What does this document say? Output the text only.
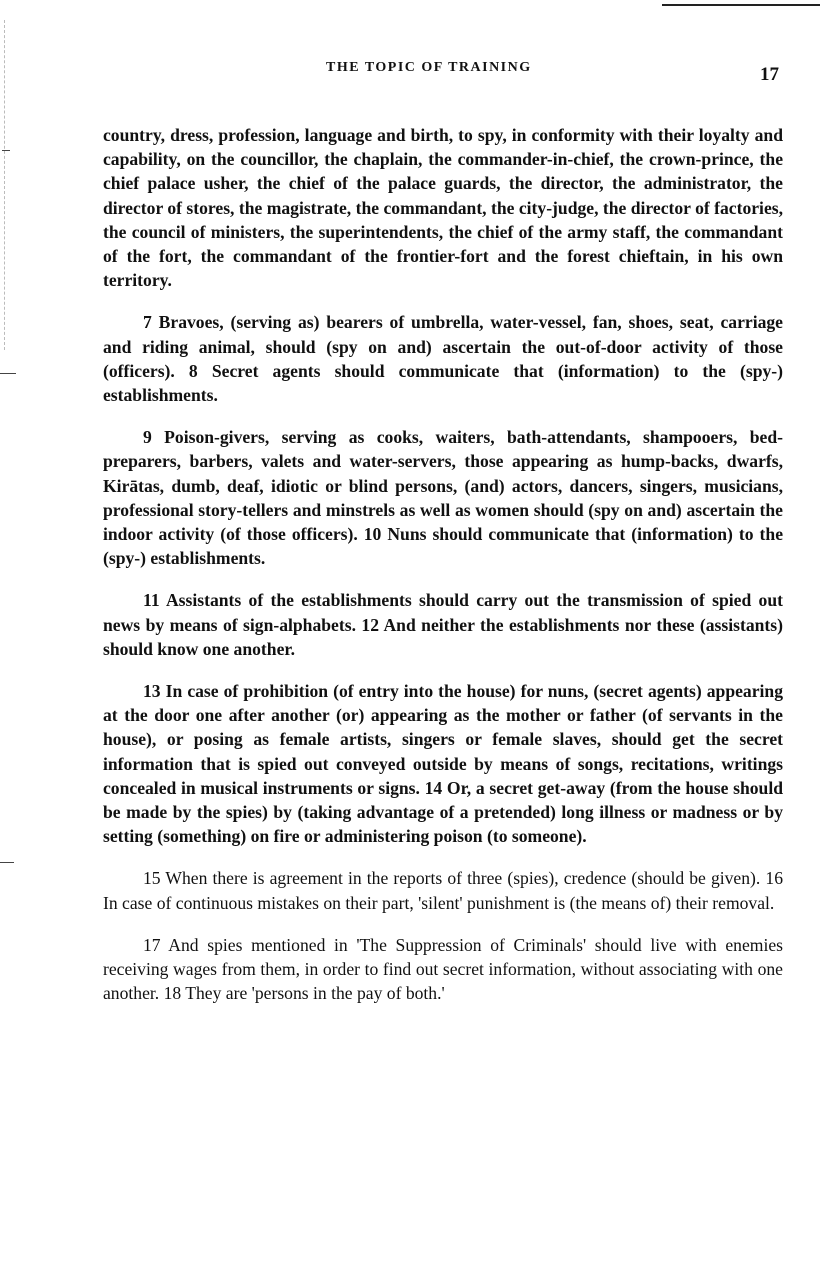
THE TOPIC OF TRAINING	17

country, dress, profession, language and birth, to spy, in conformity with their loyalty and capability, on the councillor, the chaplain, the commander-in-chief, the crown-prince, the chief palace usher, the chief of the palace guards, the director, the administrator, the director of stores, the magistrate, the commandant, the city-judge, the director of factories, the council of ministers, the superintendents, the chief of the army staff, the commandant of the fort, the commandant of the frontier-fort and the forest chieftain, in his own territory.

7 Bravoes, (serving as) bearers of umbrella, water-vessel, fan, shoes, seat, carriage and riding animal, should (spy on and) ascertain the out-of-door activity of those (officers). 8 Secret agents should communicate that (information) to the (spy-) establishments.

9 Poison-givers, serving as cooks, waiters, bath-attendants, shampooers, bed-preparers, barbers, valets and water-servers, those appearing as hump-backs, dwarfs, Kirātas, dumb, deaf, idiotic or blind persons, (and) actors, dancers, singers, musicians, professional story-tellers and minstrels as well as women should (spy on and) ascertain the indoor activity (of those officers). 10 Nuns should communicate that (information) to the (spy-) establishments.

11 Assistants of the establishments should carry out the transmission of spied out news by means of sign-alphabets. 12 And neither the establishments nor these (assistants) should know one another.

13 In case of prohibition (of entry into the house) for nuns, (secret agents) appearing at the door one after another (or) appearing as the mother or father (of servants in the house), or posing as female artists, singers or female slaves, should get the secret information that is spied out conveyed outside by means of songs, recitations, writings concealed in musical instruments or signs. 14 Or, a secret get-away (from the house should be made by the spies) by (taking advantage of a pretended) long illness or madness or by setting (something) on fire or administering poison (to someone).

15 When there is agreement in the reports of three (spies), credence (should be given). 16 In case of continuous mistakes on their part, 'silent' punishment is (the means of) their removal.

17 And spies mentioned in 'The Suppression of Criminals' should live with enemies receiving wages from them, in order to find out secret information, without associating with one another. 18 They are 'persons in the pay of both.'
